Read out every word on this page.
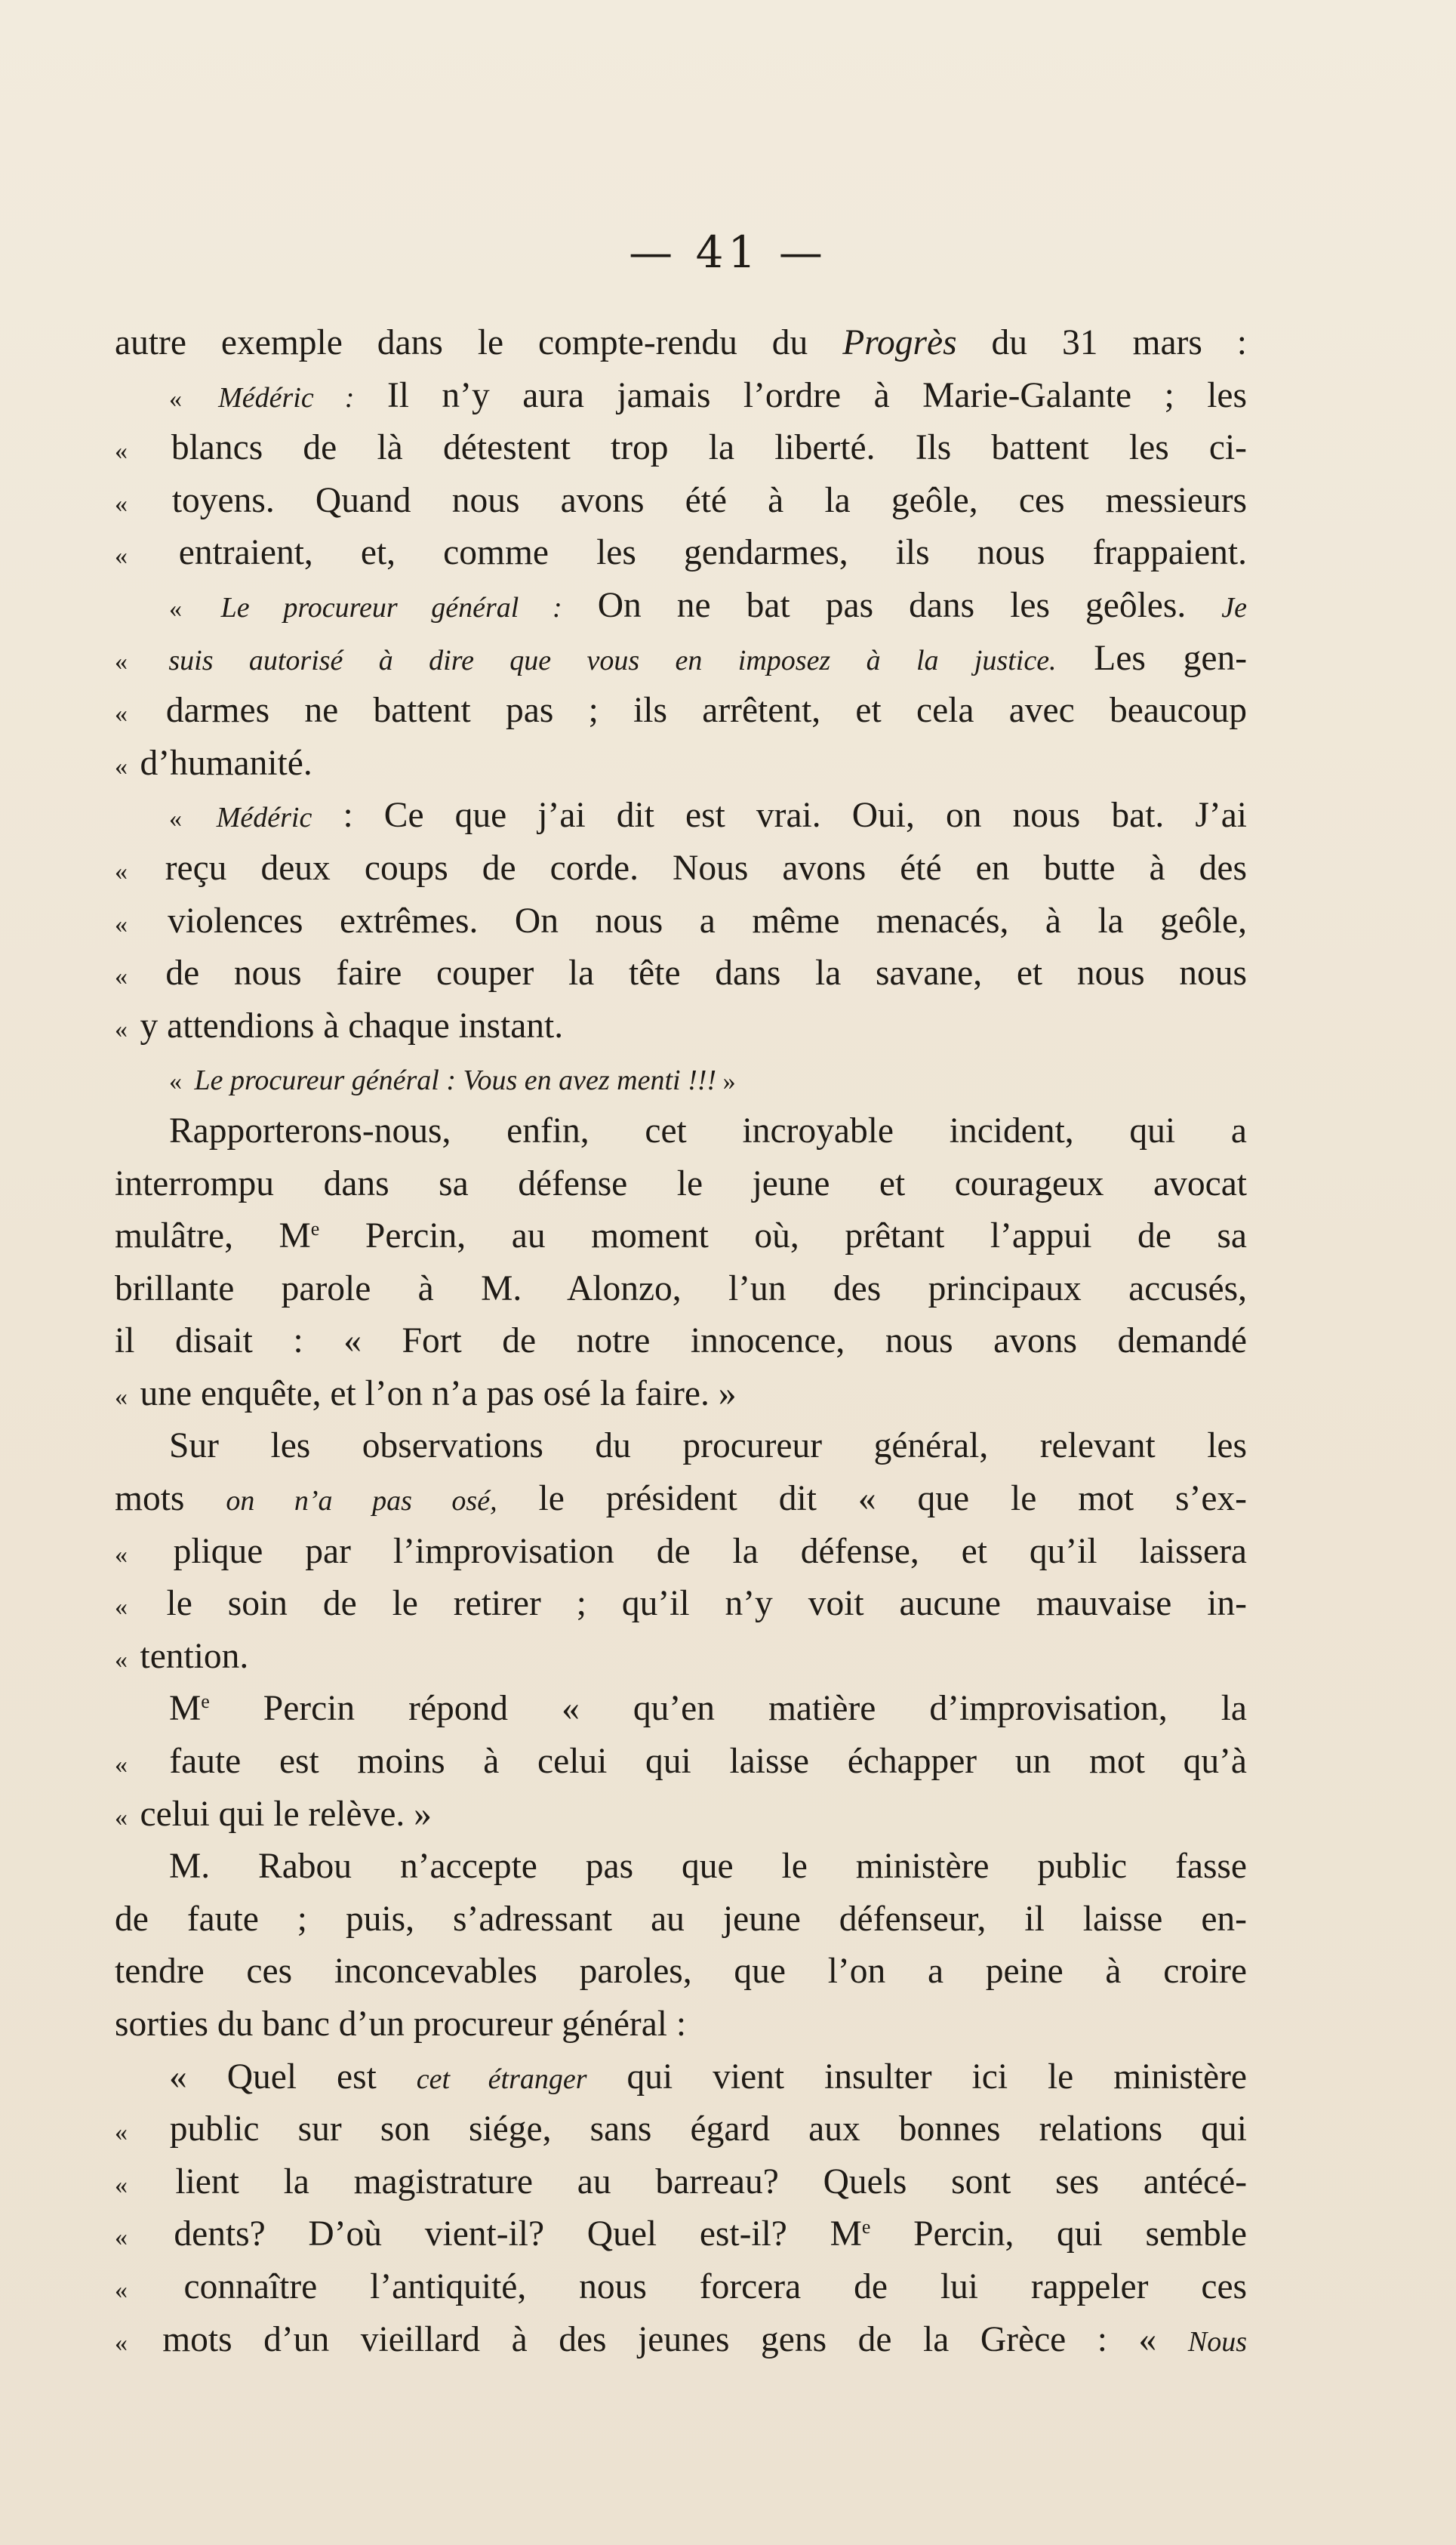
— 41 —
autre exemple dans le compte-rendu du Progrès du 31 mars :
« Médéric : Il n’y aura jamais l’ordre à Marie-Galante ; les
« blancs de là détestent trop la liberté. Ils battent les ci-
« toyens. Quand nous avons été à la geôle, ces messieurs
« entraient, et, comme les gendarmes, ils nous frappaient.
« Le procureur général : On ne bat pas dans les geôles. Je
« suis autorisé à dire que vous en imposez à la justice. Les gen-
« darmes ne battent pas ; ils arrêtent, et cela avec beaucoup
« d’humanité.
« Médéric : Ce que j’ai dit est vrai. Oui, on nous bat. J’ai
« reçu deux coups de corde. Nous avons été en butte à des
« violences extrêmes. On nous a même menacés, à la geôle,
« de nous faire couper la tête dans la savane, et nous nous
« y attendions à chaque instant.
« Le procureur général : Vous en avez menti !!! »
Rapporterons-nous, enfin, cet incroyable incident, qui a
interrompu dans sa défense le jeune et courageux avocat
mulâtre, Me Percin, au moment où, prêtant l’appui de sa
brillante parole à M. Alonzo, l’un des principaux accusés,
il disait : « Fort de notre innocence, nous avons demandé
« une enquête, et l’on n’a pas osé la faire. »
Sur les observations du procureur général, relevant les
mots on n’a pas osé, le président dit « que le mot s’ex-
« plique par l’improvisation de la défense, et qu’il laissera
« le soin de le retirer ; qu’il n’y voit aucune mauvaise in-
« tention.
Me Percin répond « qu’en matière d’improvisation, la
« faute est moins à celui qui laisse échapper un mot qu’à
« celui qui le relève. »
M. Rabou n’accepte pas que le ministère public fasse
de faute ; puis, s’adressant au jeune défenseur, il laisse en-
tendre ces inconcevables paroles, que l’on a peine à croire
sorties du banc d’un procureur général :
« Quel est cet étranger qui vient insulter ici le ministère
« public sur son siége, sans égard aux bonnes relations qui
« lient la magistrature au barreau? Quels sont ses antécé-
« dents? D’où vient-il? Quel est-il? Me Percin, qui semble
« connaître l’antiquité, nous forcera de lui rappeler ces
« mots d’un vieillard à des jeunes gens de la Grèce : « Nous
